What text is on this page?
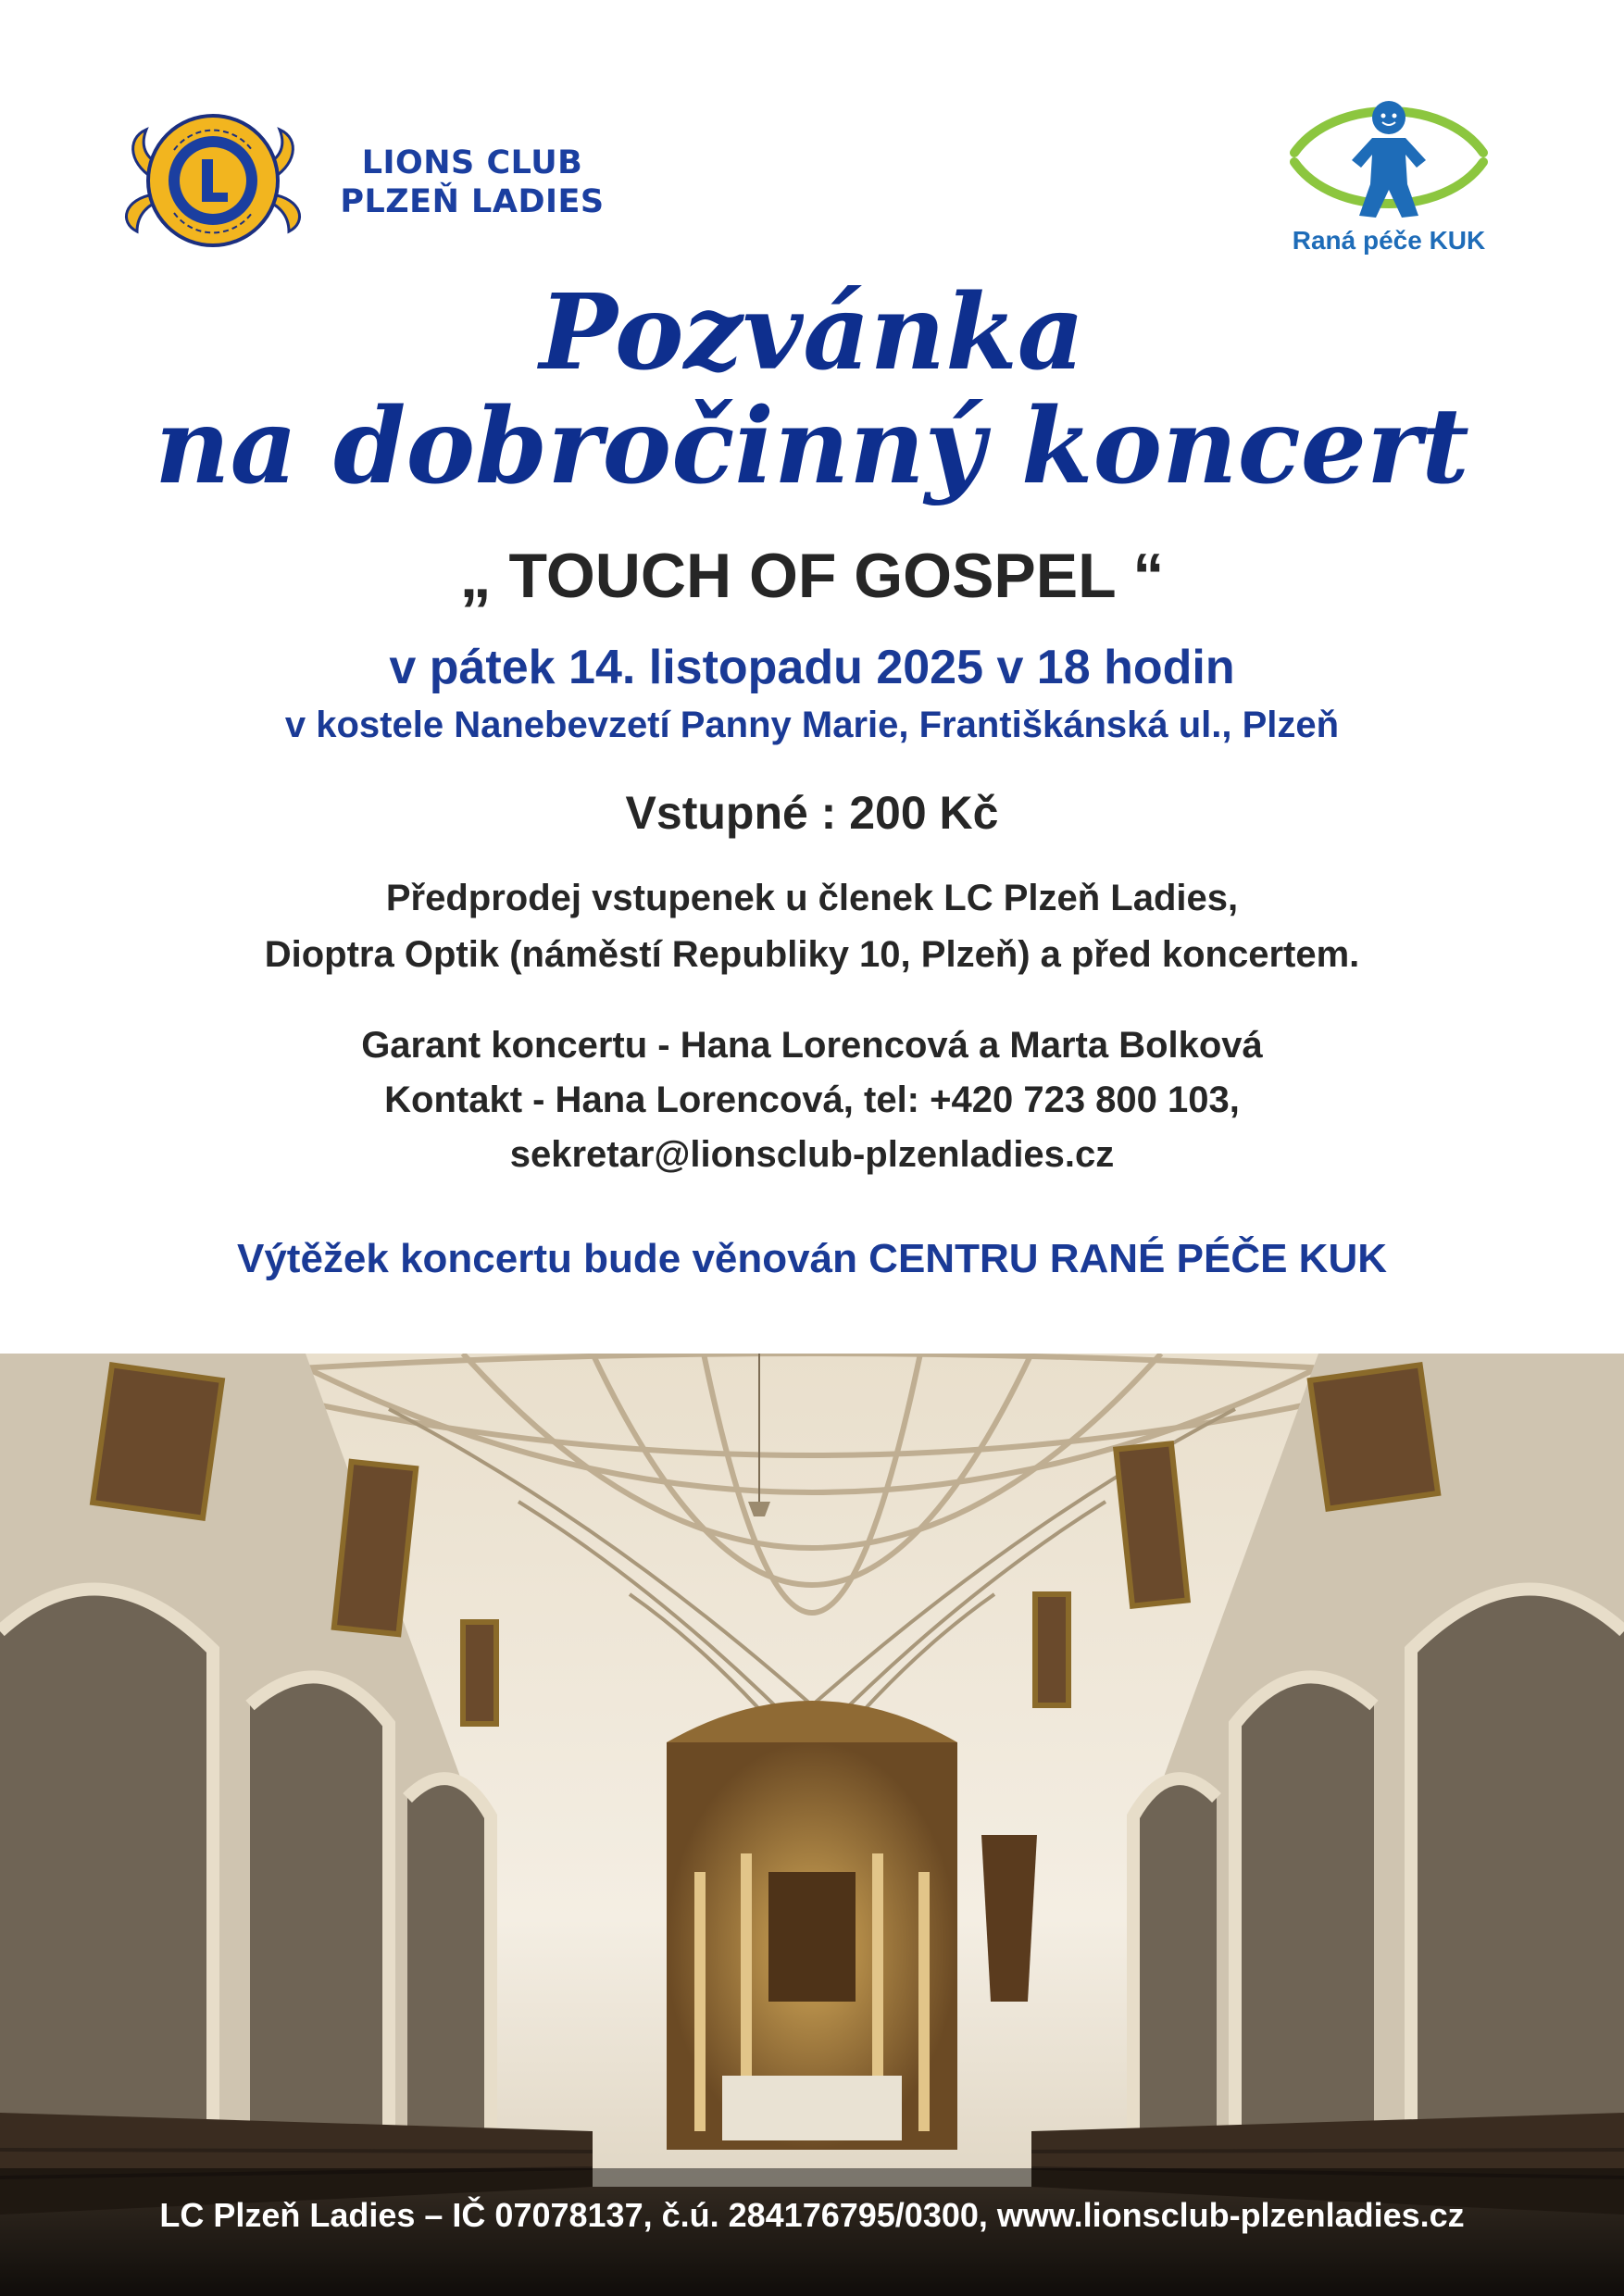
LIONS CLUB
PLZEŇ LADIES
Raná péče KUK
Pozvánka
na dobročinný koncert
„ TOUCH OF GOSPEL “
v pátek 14. listopadu 2025 v 18 hodin
v kostele Nanebevzetí Panny Marie, Františkánská ul., Plzeň
Vstupné : 200 Kč
Předprodej vstupenek u členek LC Plzeň Ladies,
Dioptra Optik (náměstí Republiky 10, Plzeň) a před koncertem.
Garant koncertu - Hana Lorencová a Marta Bolková
Kontakt - Hana Lorencová, tel: +420 723 800 103,
sekretar@lionsclub-plzenladies.cz
Výtěžek koncertu bude věnován CENTRU RANÉ PÉČE KUK
LC Plzeň Ladies – IČ 07078137, č.ú. 284176795/0300, www.lionsclub-plzenladies.cz
